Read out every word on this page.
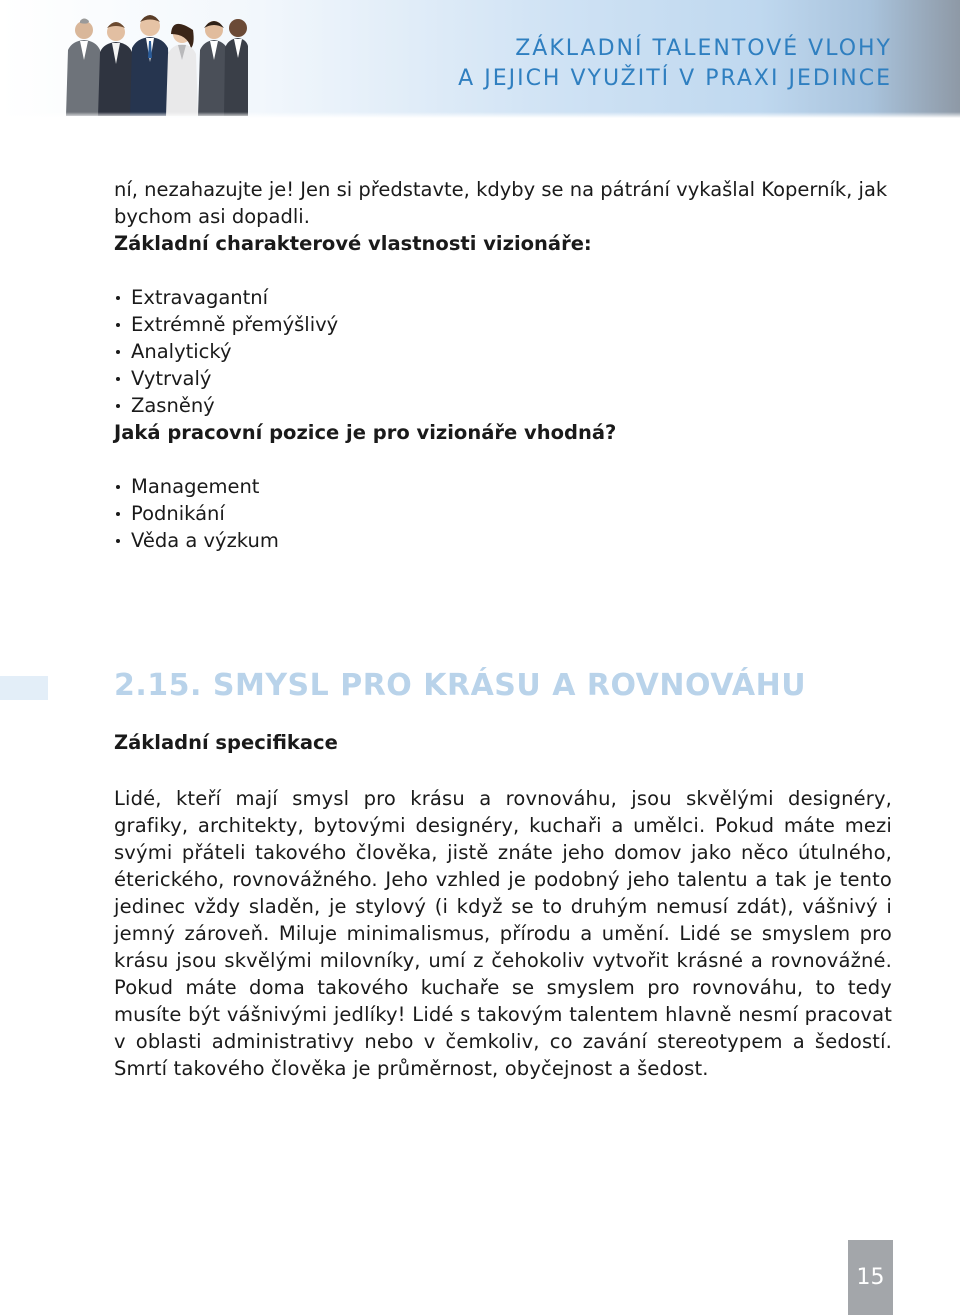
ZÁKLADNÍ TALENTOVÉ VLOHY
A JEJICH VYUŽITÍ V PRAXI JEDINCE

ní, nezahazujte je! Jen si představte, kdyby se na pátrání vykašlal Koperník, jak bychom asi dopadli.

Základní charakterové vlastnosti vizionáře:

Extravagantní
Extrémně přemýšlivý
Analytický
Vytrvalý
Zasněný

Jaká pracovní pozice je pro vizionáře vhodná?

Management
Podnikání
Věda a výzkum
2.15. SMYSL PRO KRÁSU A ROVNOVÁHU
Základní specifikace

Lidé, kteří mají smysl pro krásu a rovnováhu, jsou skvělými designéry, grafiky, architekty, bytovými designéry, kuchaři a umělci. Pokud máte mezi svými přáteli takového člověka, jistě znáte jeho domov jako něco útulného, éterického, rovnovážného. Jeho vzhled je podobný jeho talentu a tak je tento jedinec vždy sladěn, je stylový (i když se to druhým nemusí zdát), vášnivý i jemný zároveň. Miluje minimalismus, přírodu a umění. Lidé se smyslem pro krásu jsou skvělými milovníky, umí z čehokoliv vytvořit krásné a rovnovážné. Pokud máte doma takového kuchaře se smyslem pro rovnováhu, to tedy musíte být vášnivými jedlíky! Lidé s takovým talentem hlavně nesmí pracovat v oblasti administrativy nebo v čemkoliv, co zavání stereotypem a šedostí. Smrtí takového člověka je průměrnost, obyčejnost a šedost.

15
